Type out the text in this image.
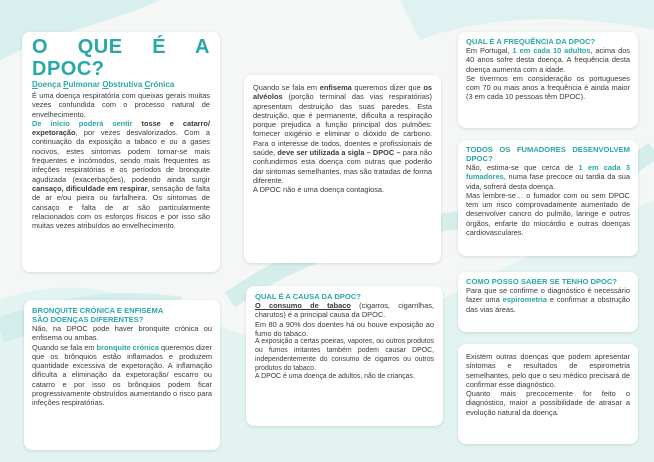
O QUE É A DPOC?
Doença Pulmonar Obstrutiva Crónica

É uma doença respiratória com queixas gerais muitas vezes confundida com o processo natural de envelhecimento.

De início poderá sentir tosse e catarro/ expetoração, por vezes desvalorizados. Com a continuação da exposição a tabaco e ou a gases nocivos, estes sintomas podem tornar-se mais frequentes e incómodos, sendo mais frequentes as infeções respiratórias e os períodos de bronquite agudizada (exacerbações), podendo ainda surgir cansaço, dificuldade em respirar, sensação de falta de ar e/ou pieira ou farfalheira. Os sintomas de cansaço e falta de ar são particularmente relacionados com os esforços físicos e por isso são muitas vezes atribuídos ao envelhecimento.

Quando se fala em enfisema queremos dizer que os alvéolos (porção terminal das vias respiratórias) apresentam destruição das suas paredes. Esta destruição, que é permanente, dificulta a respiração porque prejudica a função principal dos pulmões: fornecer oxigénio e eliminar o dióxido de carbono. Para o interesse de todos, doentes e profissionais de saúde, deve ser utilizada a sigla – DPOC – para não confundirmos esta doença com outras que poderão dar sintomas semelhantes, mas são tratadas de forma diferente.

A DPOC não é uma doença contagiosa.

QUAL É A FREQUÊNCIA DA DPOC?

Em Portugal, 1 em cada 10 adultos, acima dos 40 anos sofre desta doença. A frequência desta doença aumenta com a idade.

Se tivermos em consideração os portugueses com 70 ou mais anos a frequência é ainda maior (3 em cada 10 pessoas têm DPOC).

TODOS OS FUMADORES DESENVOLVEM DPOC?

Não, estima-se que cerca de 1 em cada 3 fumadores, numa fase precoce ou tardia da sua vida, sofrerá desta doença.

Mas lembre-se… o fumador com ou sem DPOC tem um risco comprovadamente aumentado de desenvolver cancro do pulmão, laringe e outros órgãos, enfarte do miocárdio e outras doenças cardiovasculares.

COMO POSSO SABER SE TENHO DPOC?

Para que se confirme o diagnóstico é necessário fazer uma espirometria e confirmar a obstrução das vias áreas.

Existem outras doenças que podem apresentar sintomas e resultados de espirometria semelhantes, pelo que o seu médico precisará de confirmar esse diagnóstico.

Quanto mais precocemente for feito o diagnóstico, maior a possibilidade de atrasar a evolução natural da doença.

BRONQUITE CRÓNICA E ENFISEMA
SÃO DOENÇAS DIFERENTES?

Não, na DPOC pode haver bronquite crónica ou enfisema ou ambas.

Quando se fala em bronquite crónica queremos dizer que os brônquios estão inflamados e produzem quantidade excessiva de expetoração. A inflamação dificulta a eliminação da expetoração/ escarro ou catarro e por isso os brônquios podem ficar progressivamente obstruídos aumentando o risco para infeções respiratórias.

QUAL É A CAUSA DA DPOC?

O consumo de tabaco (cigarros, cigarrilhas, charutos) é a principal causa da DPOC.

Em 80 a 90% dos doentes há ou houve exposição ao fumo do tabaco.

A exposição a certas poeiras, vapores, ou outros produtos ou fumos irritantes também podem causar DPOC, independentemente do consumo de cigarros ou outros produtos do tabaco.

A DPOC é uma doença de adultos, não de crianças.
